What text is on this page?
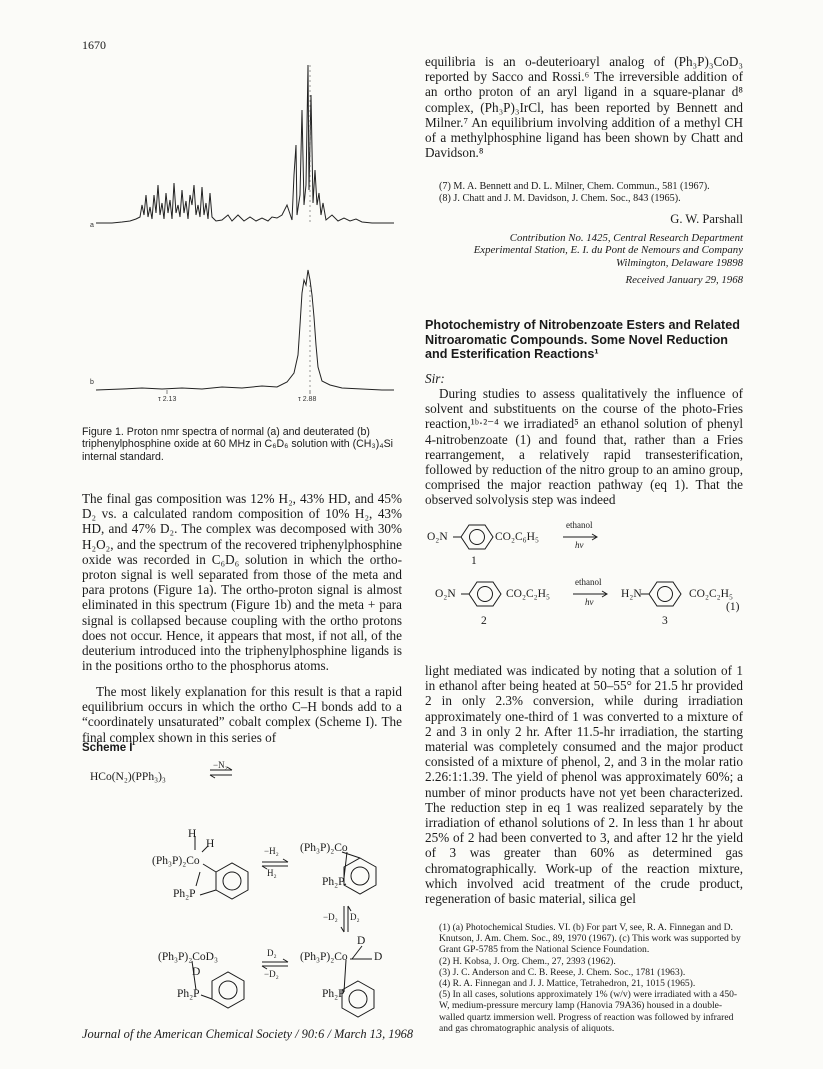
1670
a
b
τ 2.13	τ 2.88
Figure 1. Proton nmr spectra of normal (a) and deuterated (b) triphenylphosphine oxide at 60 MHz in C₆D₆ solution with (CH₃)₄Si internal standard.

The final gas composition was 12% H₂, 43% HD, and 45% D₂ vs. a calculated random composition of 10% H₂, 43% HD, and 47% D₂. The complex was decomposed with 30% H₂O₂, and the spectrum of the recovered triphenylphosphine oxide was recorded in C₆D₆ solution in which the ortho-proton signal is well separated from those of the meta and para protons (Figure 1a). The ortho-proton signal is almost eliminated in this spectrum (Figure 1b) and the meta + para signal is collapsed because coupling with the ortho protons does not occur. Hence, it appears that most, if not all, of the deuterium introduced into the triphenylphosphine ligands is in the positions ortho to the phosphorus atoms.

The most likely explanation for this result is that a rapid equilibrium occurs in which the ortho C–H bonds add to a “coordinately unsaturated” cobalt complex (Scheme I). The final complex shown in this series of

Scheme I
HCo(N₂)(PPh₃)₃
−N₂
H
H
(Ph₃P)₂Co
Ph₂P
−H₂
H₂
(Ph₃P)₂Co
Ph₂P
−D₂ D₂
D
(Ph₃P)₂CoD₃
D
Ph₂P
D₂
−D₂
(Ph₃P)₂Co D
Ph₂P

equilibria is an o-deuterioaryl analog of (Ph₃P)₃CoD₃ reported by Sacco and Rossi.⁶ The irreversible addition of an ortho proton of an aryl ligand in a square-planar d⁸ complex, (Ph₃P)₃IrCl, has been reported by Bennett and Milner.⁷ An equilibrium involving addition of a methyl CH of a methylphosphine ligand has been shown by Chatt and Davidson.⁸

(7) M. A. Bennett and D. L. Milner, Chem. Commun., 581 (1967).

(8) J. Chatt and J. M. Davidson, J. Chem. Soc., 843 (1965).

G. W. Parshall
Contribution No. 1425, Central Research Department
Experimental Station, E. I. du Pont de Nemours and Company
Wilmington, Delaware 19898
Received January 29, 1968
Photochemistry of Nitrobenzoate Esters and Related Nitroaromatic Compounds. Some Novel Reduction and Esterification Reactions¹
Sir:

During studies to assess qualitatively the influence of solvent and substituents on the course of the photo-Fries reaction,¹ᵇ·²⁻⁴ we irradiated⁵ an ethanol solution of phenyl 4-nitrobenzoate (1) and found that, rather than a Fries rearrangement, a relatively rapid transesterification, followed by reduction of the nitro group to an amino group, comprised the major reaction pathway (eq 1). That the observed solvolysis step was indeed

O₂N	CO₂C₆H₅
ethanol
hν
1
O₂N	CO₂C₂H₅
ethanol
hν
H₂N	CO₂C₂H₅
(1)
2	3

light mediated was indicated by noting that a solution of 1 in ethanol after being heated at 50–55° for 21.5 hr provided 2 in only 2.3% conversion, while during irradiation approximately one-third of 1 was converted to a mixture of 2 and 3 in only 2 hr. After 11.5-hr irradiation, the starting material was completely consumed and the major product consisted of a mixture of phenol, 2, and 3 in the molar ratio 2.26:1:1.39. The yield of phenol was approximately 60%; a number of minor products have not yet been characterized. The reduction step in eq 1 was realized separately by the irradiation of ethanol solutions of 2. In less than 1 hr about 25% of 2 had been converted to 3, and after 12 hr the yield of 3 was greater than 60% as determined gas chromatographically. Work-up of the reaction mixture, which involved acid treatment of the crude product, regeneration of basic material, silica gel

(1) (a) Photochemical Studies. VI. (b) For part V, see, R. A. Finnegan and D. Knutson, J. Am. Chem. Soc., 89, 1970 (1967). (c) This work was supported by Grant GP-5785 from the National Science Foundation.

(2) H. Kobsa, J. Org. Chem., 27, 2393 (1962).

(3) J. C. Anderson and C. B. Reese, J. Chem. Soc., 1781 (1963).

(4) R. A. Finnegan and J. J. Mattice, Tetrahedron, 21, 1015 (1965).

(5) In all cases, solutions approximately 1% (w/v) were irradiated with a 450-W, medium-pressure mercury lamp (Hanovia 79A36) housed in a double-walled quartz immersion well. Progress of reaction was followed by infrared and gas chromatographic analysis of aliquots.

Journal of the American Chemical Society / 90:6 / March 13, 1968
